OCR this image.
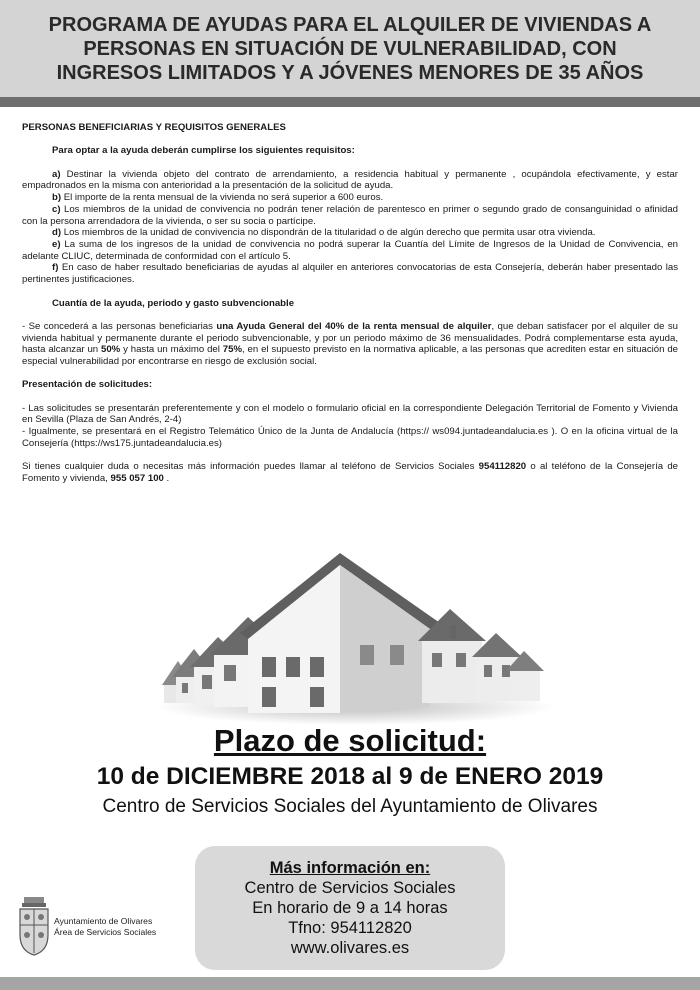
PROGRAMA DE AYUDAS PARA EL ALQUILER DE VIVIENDAS A
PERSONAS EN SITUACIÓN DE VULNERABILIDAD, CON
INGRESOS LIMITADOS Y A JÓVENES MENORES DE 35 AÑOS

PERSONAS BENEFICIARIAS Y REQUISITOS GENERALES

Para optar a la ayuda deberán cumplirse los siguientes requisitos:

a) Destinar la vivienda objeto del contrato de arrendamiento, a residencia habitual y permanente , ocupándola efectivamente, y estar empadronados en la misma con anterioridad a la presentación de la solicitud de ayuda.

b) El importe de la renta mensual de la vivienda no será superior a 600 euros.

c) Los miembros de la unidad de convivencia no podrán tener relación de parentesco en primer o segundo grado de consanguinidad o afinidad con la persona arrendadora de la vivienda, o ser su socia o partícipe.

d) Los miembros de la unidad de convivencia no dispondrán de la titularidad o de algún derecho que permita usar otra vivienda.

e) La suma de los ingresos de la unidad de convivencia no podrá superar la Cuantía del Límite de Ingresos de la Unidad de Convivencia, en adelante CLIUC, determinada de conformidad con el artículo 5.

f) En caso de haber resultado beneficiarias de ayudas al alquiler en anteriores convocatorias de esta Consejería, deberán haber presentado las pertinentes justificaciones.

Cuantía de la ayuda, periodo y gasto subvencionable

- Se concederá a las personas beneficiarias una Ayuda General del 40% de la renta mensual de alquiler, que deban satisfacer por el alquiler de su vivienda habitual y permanente durante el periodo subvencionable, y por un periodo máximo de 36 mensualidades. Podrá complementarse esta ayuda, hasta alcanzar un 50% y hasta un máximo del 75%, en el supuesto previsto en la normativa aplicable, a las personas que acrediten estar en situación de especial vulnerabilidad por encontrarse en riesgo de exclusión social.

Presentación de solicitudes:

- Las solicitudes se presentarán preferentemente y con el modelo o formulario oficial en la correspondiente Delegación Territorial de Fomento y Vivienda en Sevilla (Plaza de San Andrés, 2-4)

- Igualmente, se presentará en el Registro Telemático Único de la Junta de Andalucía (https:// ws094.juntadeandalucia.es ). O en la oficina virtual de la Consejería (https://ws175.juntadeandalucia.es)

Si tienes cualquier duda o necesitas más información puedes llamar al teléfono de Servicios Sociales 954112820 o al teléfono de la Consejería de Fomento y vivienda, 955 057 100 .

Plazo de solicitud:
10 de DICIEMBRE 2018 al 9 de ENERO 2019
Centro de Servicios Sociales del Ayuntamiento de Olivares
Más información en:
Centro de Servicios Sociales
En horario de 9 a 14 horas
Tfno: 954112820
www.olivares.es
Ayuntamiento de Olivares
Área de Servicios Sociales
